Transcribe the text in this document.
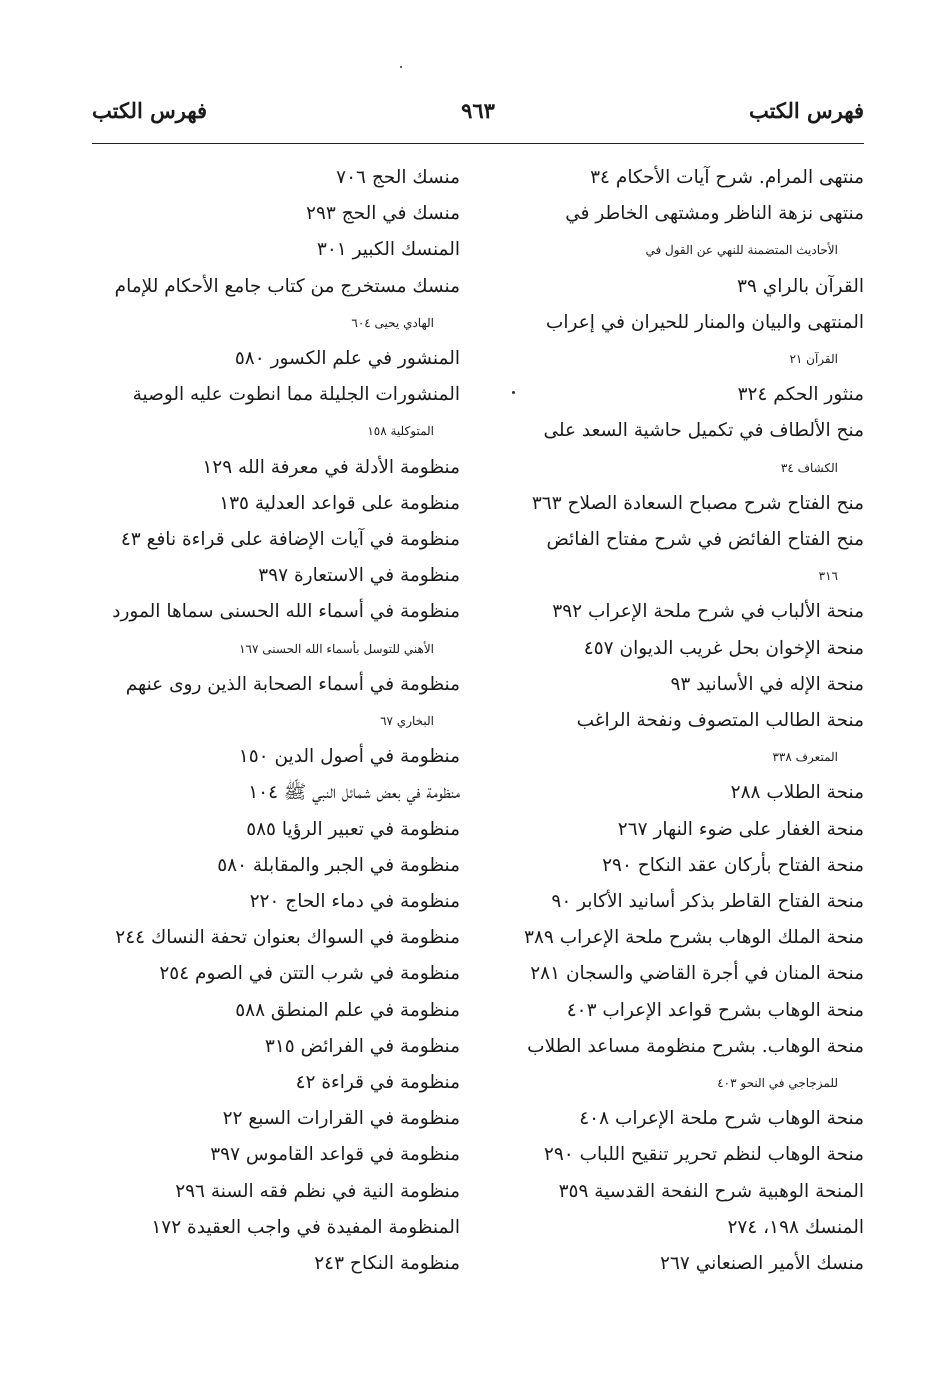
فهرس الكتب
٩٦٣
فهرس الكتب
منتهى المرام. شرح آيات الأحكام ٣٤
منتهى نزهة الناظر ومشتهى الخاطر في
الأحاديث المتضمنة للنهي عن القول في
القرآن بالراي ٣٩
المنتهى والبيان والمنار للحيران في إعراب
القرآن ٢١
منثور الحكم ٣٢٤
منح الألطاف في تكميل حاشية السعد على
الكشاف ٣٤
منح الفتاح شرح مصباح السعادة الصلاح ٣٦٣
منح الفتاح الفائض في شرح مفتاح الفائض
٣١٦
منحة الألباب في شرح ملحة الإعراب ٣٩٢
منحة الإخوان بحل غريب الديوان ٤٥٧
منحة الإله في الأسانيد ٩٣
منحة الطالب المتصوف ونفحة الراغب
المتعرف ٣٣٨
منحة الطلاب ٢٨٨
منحة الغفار على ضوء النهار ٢٦٧
منحة الفتاح بأركان عقد النكاح ٢٩٠
منحة الفتاح القاطر بذكر أسانيد الأكابر ٩٠
منحة الملك الوهاب بشرح ملحة الإعراب ٣٨٩
منحة المنان في أجرة القاضي والسجان ٢٨١
منحة الوهاب بشرح قواعد الإعراب ٤٠٣
منحة الوهاب. بشرح منظومة مساعد الطلاب
للمزجاجي في النحو ٤٠٣
منحة الوهاب شرح ملحة الإعراب ٤٠٨
منحة الوهاب لنظم تحرير تنقيح اللباب ٢٩٠
المنحة الوهبية شرح النفحة القدسية ٣٥٩
المنسك ١٩٨، ٢٧٤
منسك الأمير الصنعاني ٢٦٧
منسك الحج ٧٠٦
منسك في الحج ٢٩٣
المنسك الكبير ٣٠١
منسك مستخرج من كتاب جامع الأحكام للإمام
الهادي يحيى ٦٠٤
المنشور في علم الكسور ٥٨٠
المنشورات الجليلة مما انطوت عليه الوصية
المتوكلية ١٥٨
منظومة الأدلة في معرفة الله ١٢٩
منظومة على قواعد العدلية ١٣٥
منظومة في آيات الإضافة على قراءة نافع ٤٣
منظومة في الاستعارة ٣٩٧
منظومة في أسماء الله الحسنى سماها المورد
الأهني للتوسل بأسماء الله الحسنى ١٦٧
منظومة في أسماء الصحابة الذين روى عنهم
البخاري ٦٧
منظومة في أصول الدين ١٥٠
منظومة في بعض شمائل النبي ﷺ ١٠٤
منظومة في تعبير الرؤيا ٥٨٥
منظومة في الجبر والمقابلة ٥٨٠
منظومة في دماء الحاج ٢٢٠
منظومة في السواك بعنوان تحفة النساك ٢٤٤
منظومة في شرب التتن في الصوم ٢٥٤
منظومة في علم المنطق ٥٨٨
منظومة في الفرائض ٣١٥
منظومة في قراءة ٤٢
منظومة في القرارات السبع ٢٢
منظومة في قواعد القاموس ٣٩٧
منظومة النية في نظم فقه السنة ٢٩٦
المنظومة المفيدة في واجب العقيدة ١٧٢
منظومة النكاح ٢٤٣
